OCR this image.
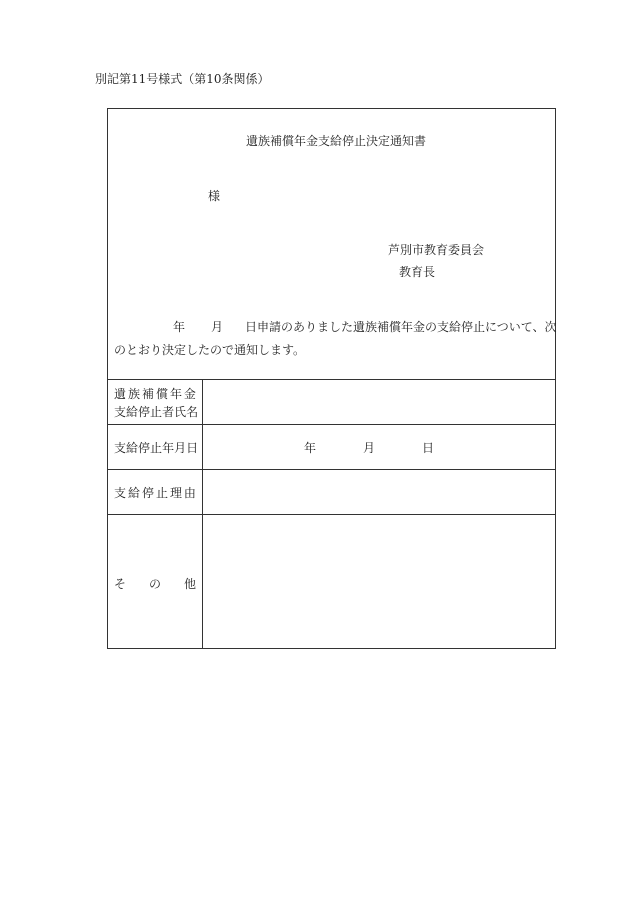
別記第11号様式（第10条関係）
遺族補償年金支給停止決定通知書
様
芦別市教育委員会
教育長
年 月 日申請のありました遺族補償年金の支給停止について、次
のとおり決定したので通知します。
遺 族 補 償 年 金
支 給 停 止 者 氏 名
支 給 停 止 年 月 日	年	月	日
支 給 停 止 理 由
そ の 他
